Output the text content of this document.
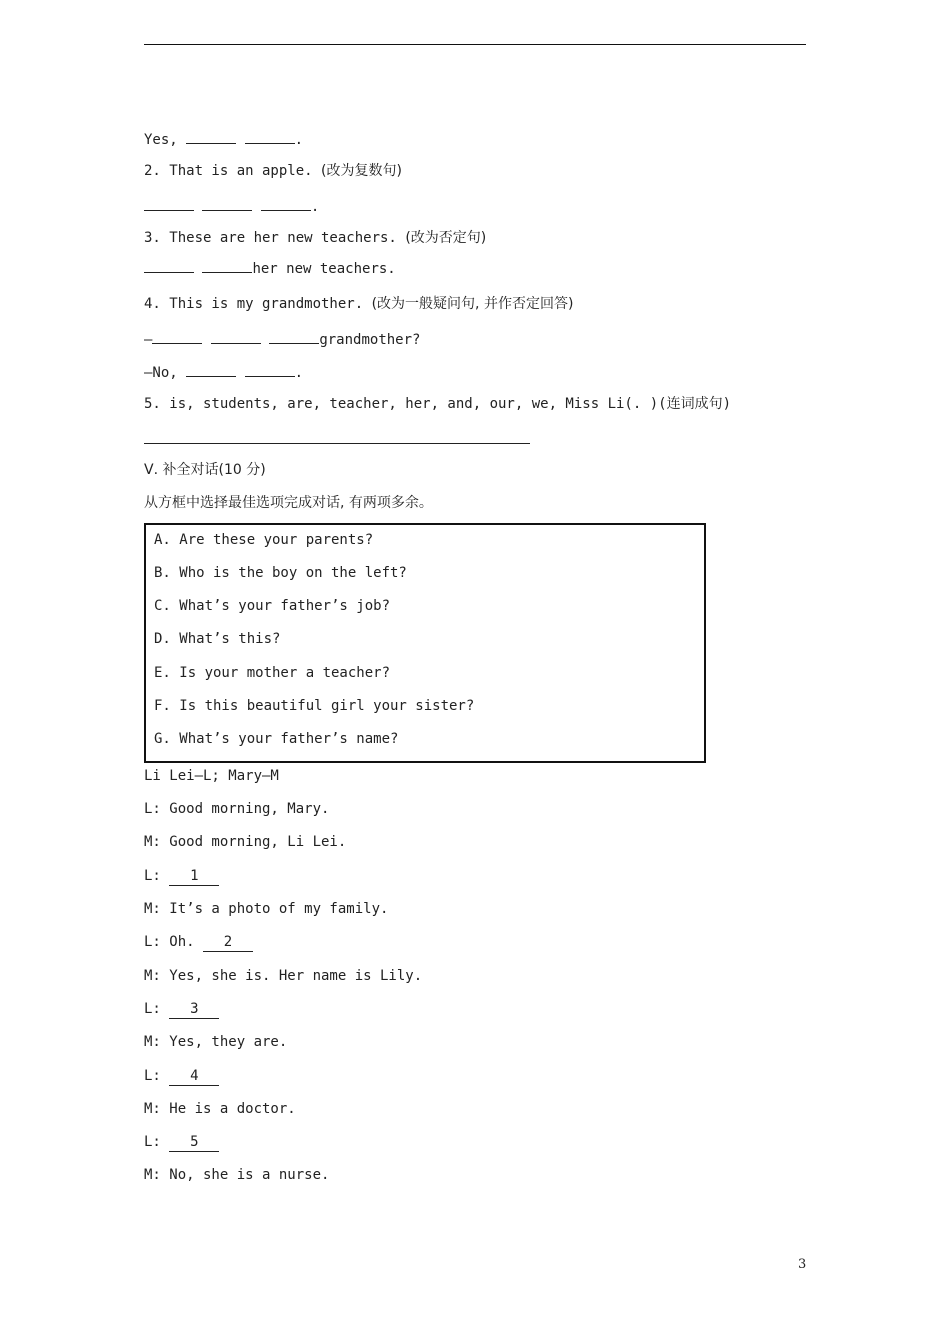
Yes,	.
2. That is an apple. (改为复数句)
.
3. These are her new teachers. (改为否定句)
her new teachers.
4. This is my grandmother. (改为一般疑问句, 并作否定回答)
—	grandmother?
—No,	.
5. is, students, are, teacher, her, and, our, we, Miss Li(. )(连词成句)
Ⅴ. 补全对话(10 分)
从方框中选择最佳选项完成对话, 有两项多余。
A. Are these your parents?
B. Who is the boy on the left?
C. What’s your father’s job?
D. What’s this?
E. Is your mother a teacher?
F. Is this beautiful girl your sister?
G. What’s your father’s name?
Li Lei—L; Mary—M
L: Good morning, Mary.
M: Good morning, Li Lei.
L: 1
M: It’s a photo of my family.
L: Oh. 2
M: Yes, she is. Her name is Lily.
L: 3
M: Yes, they are.
L: 4
M: He is a doctor.
L: 5
M: No, she is a nurse.
3
